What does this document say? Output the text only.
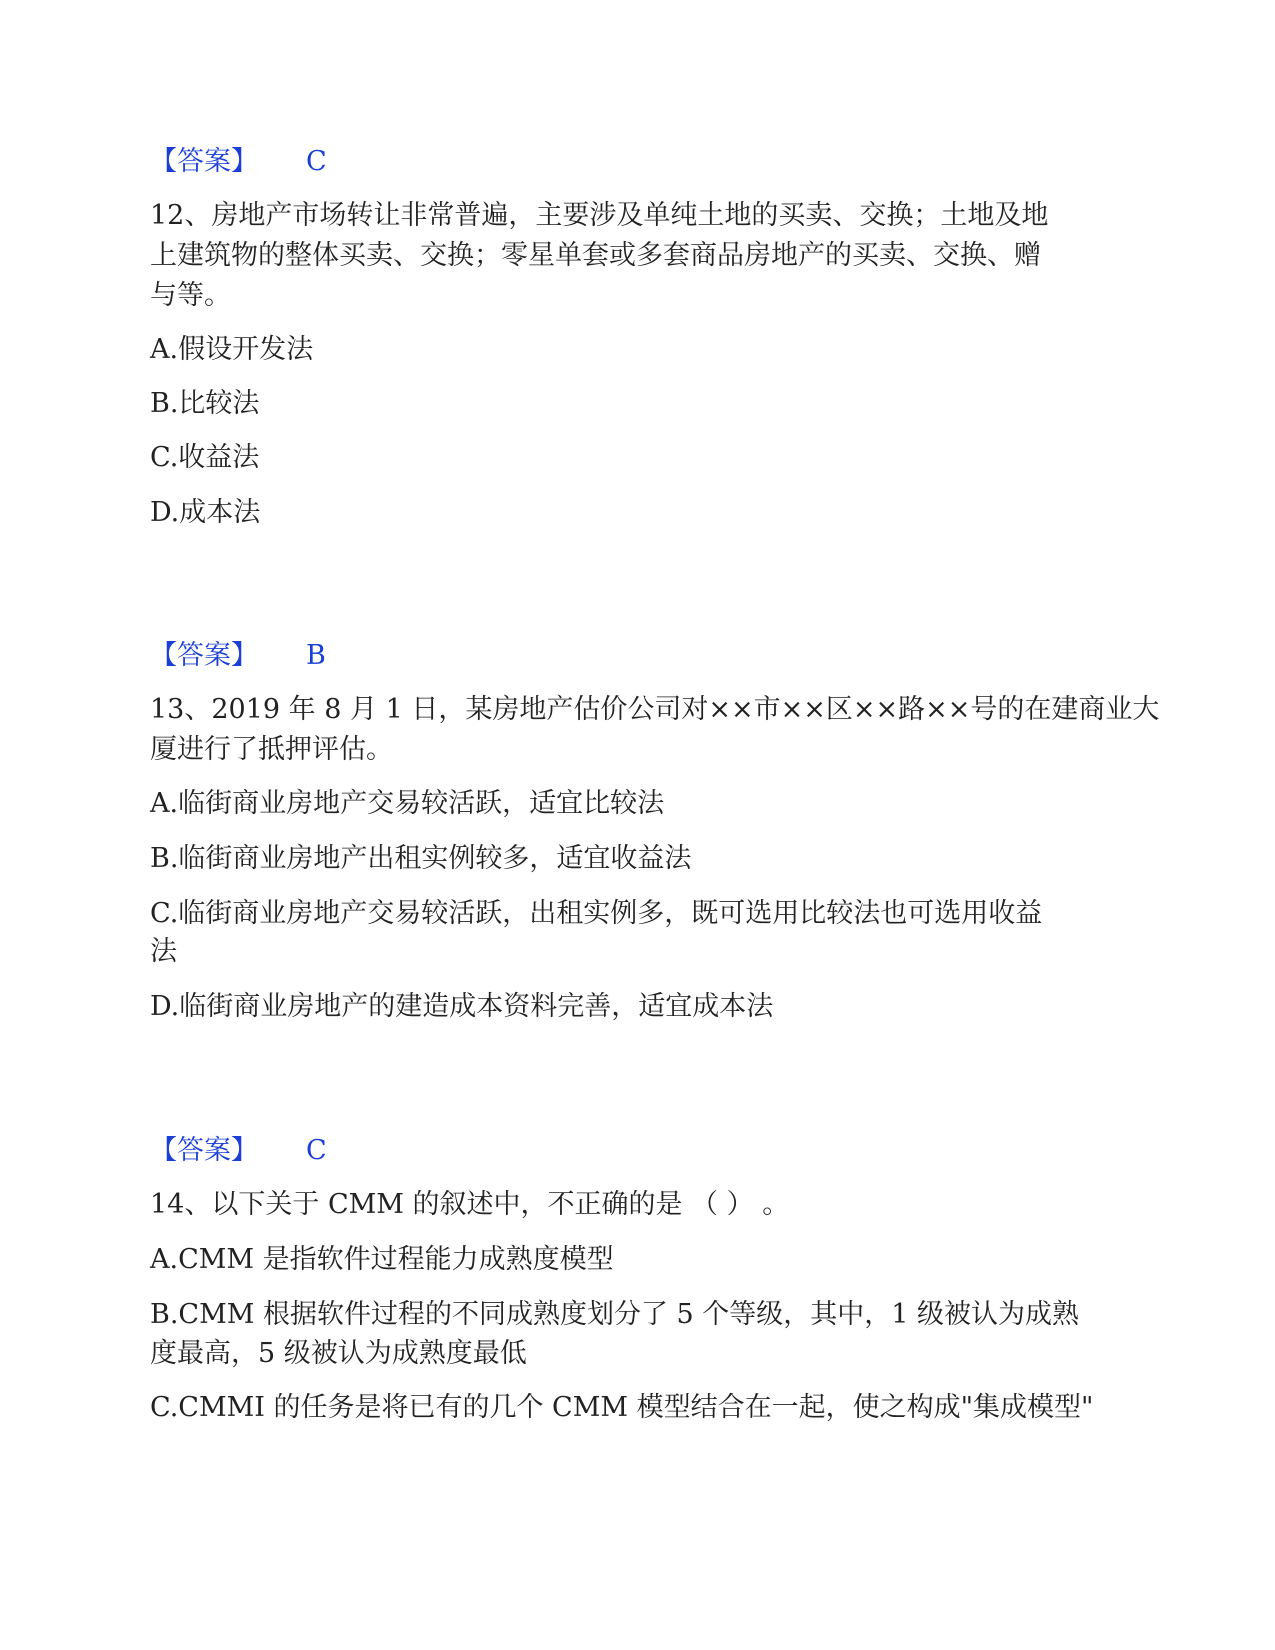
【答案】 C
12、房地产市场转让非常普遍，主要涉及单纯土地的买卖、交换；土地及地
上建筑物的整体买卖、交换；零星单套或多套商品房地产的买卖、交换、赠
与等。
A.假设开发法
B.比较法
C.收益法
D.成本法
【答案】 B
13、2019 年 8 月 1 日，某房地产估价公司对××市××区××路××号的在建商业大
厦进行了抵押评估。
A.临街商业房地产交易较活跃，适宜比较法
B.临街商业房地产出租实例较多，适宜收益法
C.临街商业房地产交易较活跃，出租实例多，既可选用比较法也可选用收益
法
D.临街商业房地产的建造成本资料完善，适宜成本法
【答案】 C
14、以下关于 CMM 的叙述中，不正确的是 （ ） 。
A.CMM 是指软件过程能力成熟度模型
B.CMM 根据软件过程的不同成熟度划分了 5 个等级，其中，1 级被认为成熟
度最高，5 级被认为成熟度最低
C.CMMI 的任务是将已有的几个 CMM 模型结合在一起，使之构成"集成模型"
